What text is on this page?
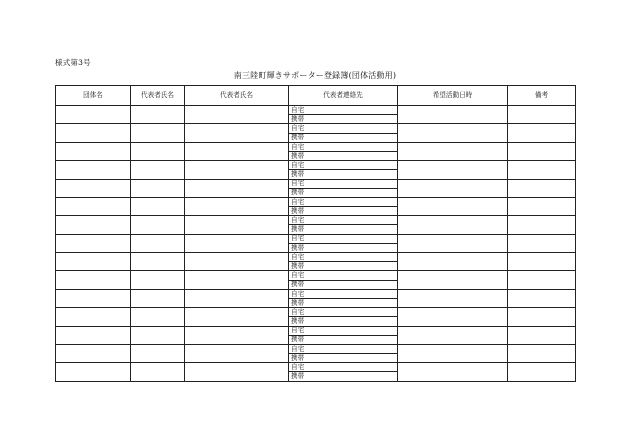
様式第3号
南三陸町輝きサポーター登録簿(団体活動用)
団体名	代表者氏名	代表者氏名	代表者連絡先	希望活動日時	備考
			自宅		
			携帯		
			自宅		
			携帯		
			自宅		
			携帯		
			自宅		
			携帯		
			自宅		
			携帯		
			自宅		
			携帯		
			自宅		
			携帯		
			自宅		
			携帯		
			自宅		
			携帯		
			自宅		
			携帯		
			自宅		
			携帯		
			自宅		
			携帯		
			自宅		
			携帯		
			自宅		
			携帯		
			自宅		
			携帯		
